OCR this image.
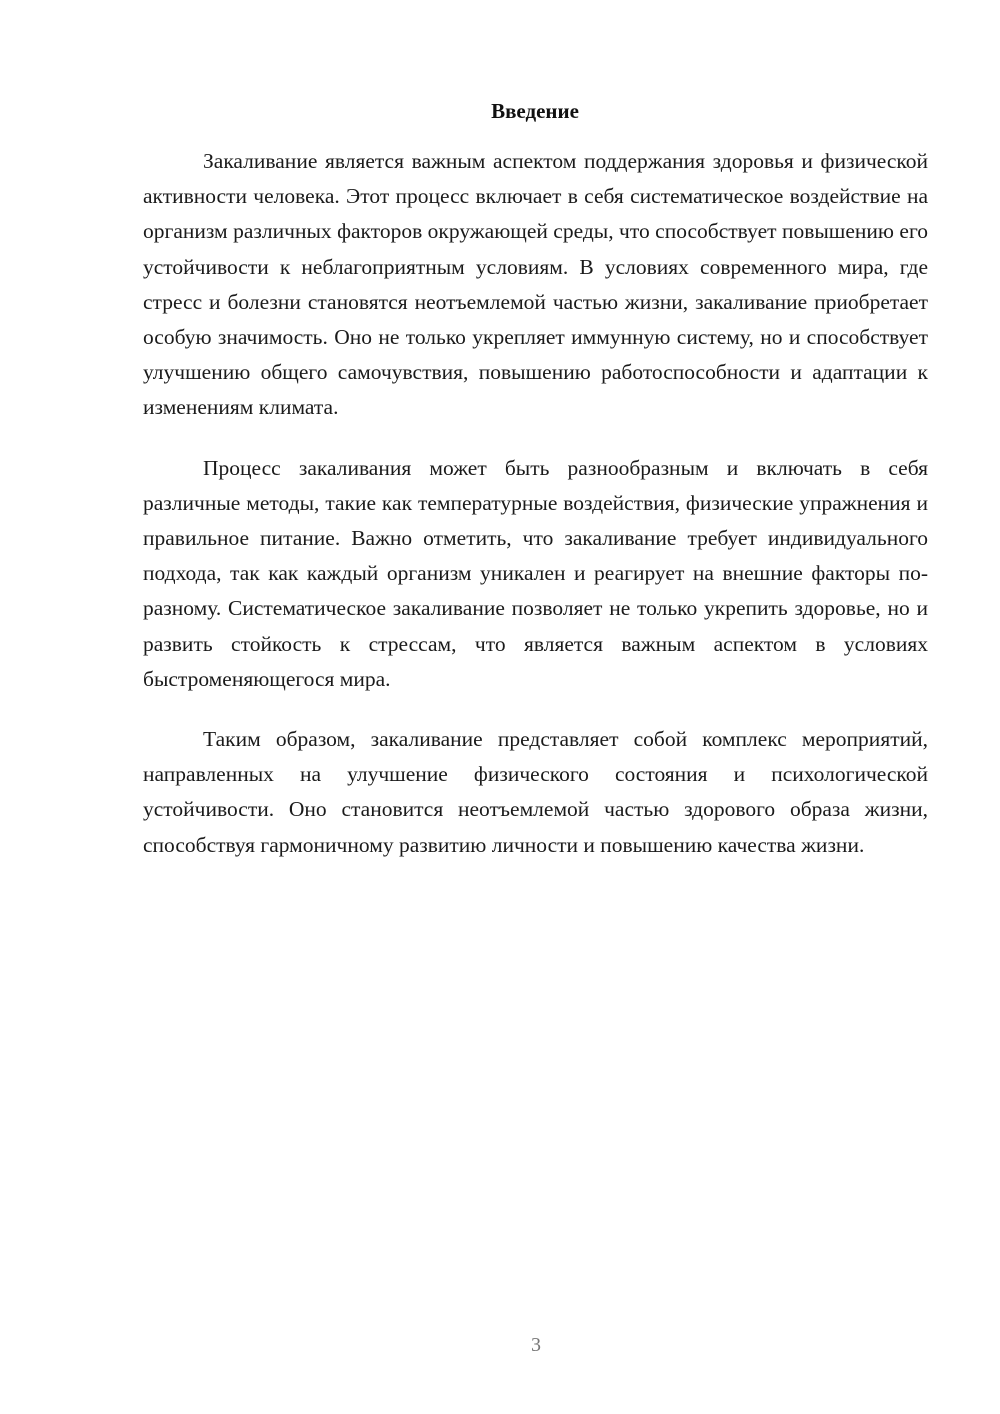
Введение

Закаливание является важным аспектом поддержания здоровья и физической активности человека. Этот процесс включает в себя систематическое воздействие на организм различных факторов окружающей среды, что способствует повышению его устойчивости к неблагоприятным условиям. В условиях современного мира, где стресс и болезни становятся неотъемлемой частью жизни, закаливание приобретает особую значимость. Оно не только укрепляет иммунную систему, но и способствует улучшению общего самочувствия, повышению работоспособности и адаптации к изменениям климата.

Процесс закаливания может быть разнообразным и включать в себя различные методы, такие как температурные воздействия, физические упражнения и правильное питание. Важно отметить, что закаливание требует индивидуального подхода, так как каждый организм уникален и реагирует на внешние факторы по-разному. Систематическое закаливание позволяет не только укрепить здоровье, но и развить стойкость к стрессам, что является важным аспектом в условиях быстроменяющегося мира.

Таким образом, закаливание представляет собой комплекс мероприятий, направленных на улучшение физического состояния и психологической устойчивости. Оно становится неотъемлемой частью здорового образа жизни, способствуя гармоничному развитию личности и повышению качества жизни.

3
